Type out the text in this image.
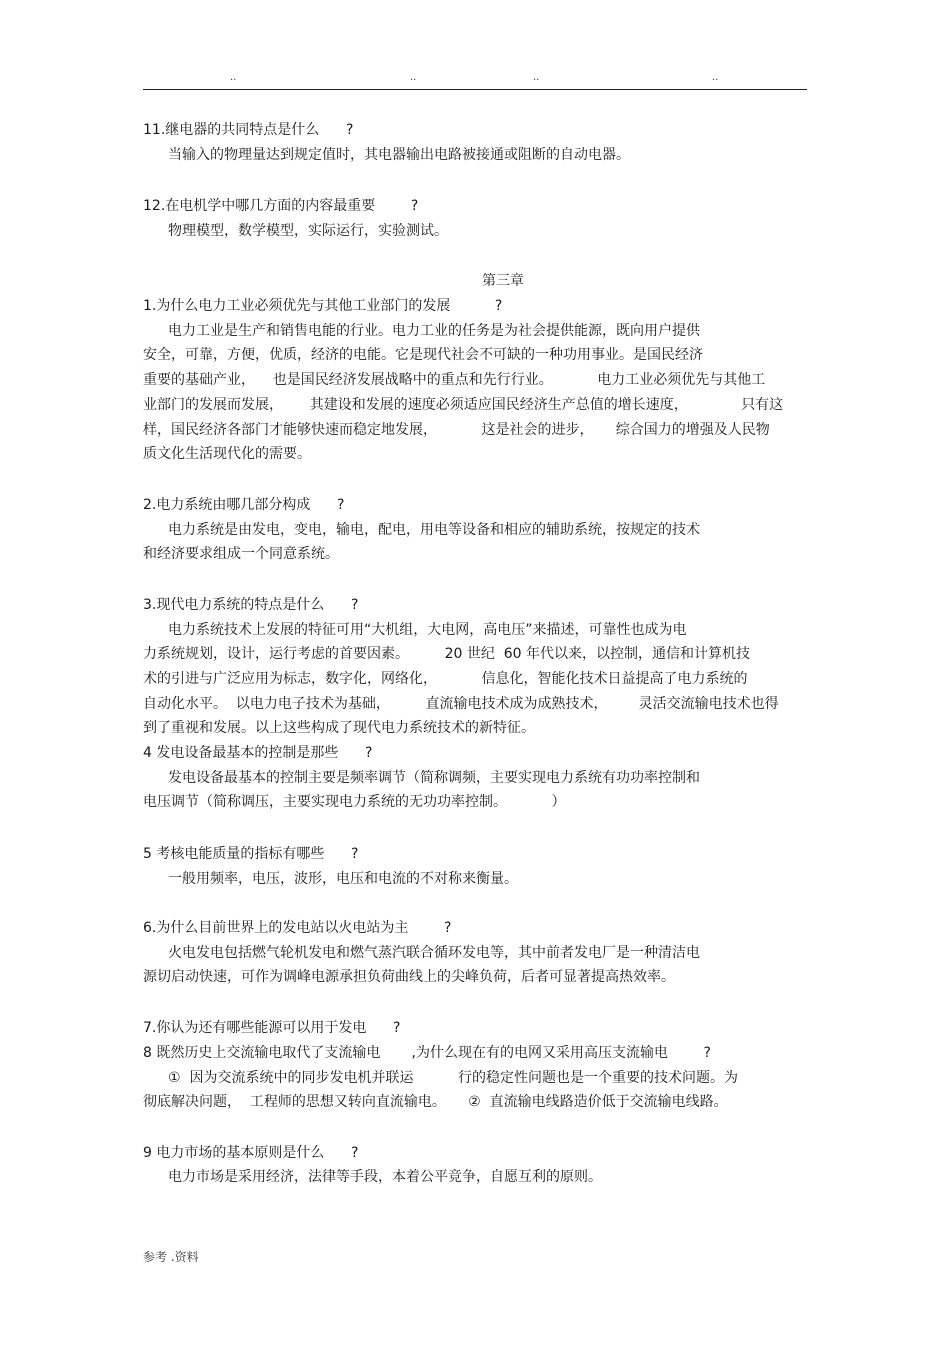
..	..	..	..
11.继电器的共同特点是什么      ?
当输入的物理量达到规定值时，其电器输出电路被接通或阻断的自动电器。
12.在电机学中哪几方面的内容最重要        ?
物理模型，数学模型，实际运行，实验测试。
第三章
1.为什么电力工业必须优先与其他工业部门的发展          ?
电力工业是生产和销售电能的行业。电力工业的任务是为社会提供能源，既向用户提供
安全，可靠，方便，优质，经济的电能。它是现代社会不可缺的一种功用事业。是国民经济
重要的基础产业，    也是国民经济发展战略中的重点和先行行业。          电力工业必须优先与其他工
业部门的发展而发展，      其建设和发展的速度必须适应国民经济生产总值的增长速度，            只有这
样，国民经济各部门才能够快速而稳定地发展，          这是社会的进步，     综合国力的增强及人民物
质文化生活现代化的需要。
2.电力系统由哪几部分构成      ?
电力系统是由发电，变电，输电，配电，用电等设备和相应的辅助系统，按规定的技术
和经济要求组成一个同意系统。
3.现代电力系统的特点是什么      ?
电力系统技术上发展的特征可用“大机组，大电网，高电压”来描述，可靠性也成为电
力系统规划，设计，运行考虑的首要因素。        20 世纪  60 年代以来，以控制，通信和计算机技
术的引进与广泛应用为标志，数字化，网络化，          信息化，智能化技术日益提高了电力系统的
自动化水平。  以电力电子技术为基础，        直流输电技术成为成熟技术，       灵活交流输电技术也得
到了重视和发展。以上这些构成了现代电力系统技术的新特征。
4 发电设备最基本的控制是那些      ?
发电设备最基本的控制主要是频率调节（简称调频，主要实现电力系统有功功率控制和
电压调节（简称调压，主要实现电力系统的无功功率控制。          ）
5 考核电能质量的指标有哪些      ?
一般用频率，电压，波形，电压和电流的不对称来衡量。
6.为什么目前世界上的发电站以火电站为主        ?
火电发电包括燃气轮机发电和燃气蒸汽联合循环发电等，其中前者发电厂是一种清洁电
源切启动快速，可作为调峰电源承担负荷曲线上的尖峰负荷，后者可显著提高热效率。
7.你认为还有哪些能源可以用于发电      ?
8 既然历史上交流输电取代了支流输电       ,为什么现在有的电网又采用高压支流输电        ?
①  因为交流系统中的同步发电机并联运          行的稳定性问题也是一个重要的技术问题。为
彻底解决问题，  工程师的思想又转向直流输电。     ②  直流输电线路造价低于交流输电线路。
9 电力市场的基本原则是什么      ?
电力市场是采用经济，法律等手段，本着公平竞争，自愿互利的原则。
参考 .资料
